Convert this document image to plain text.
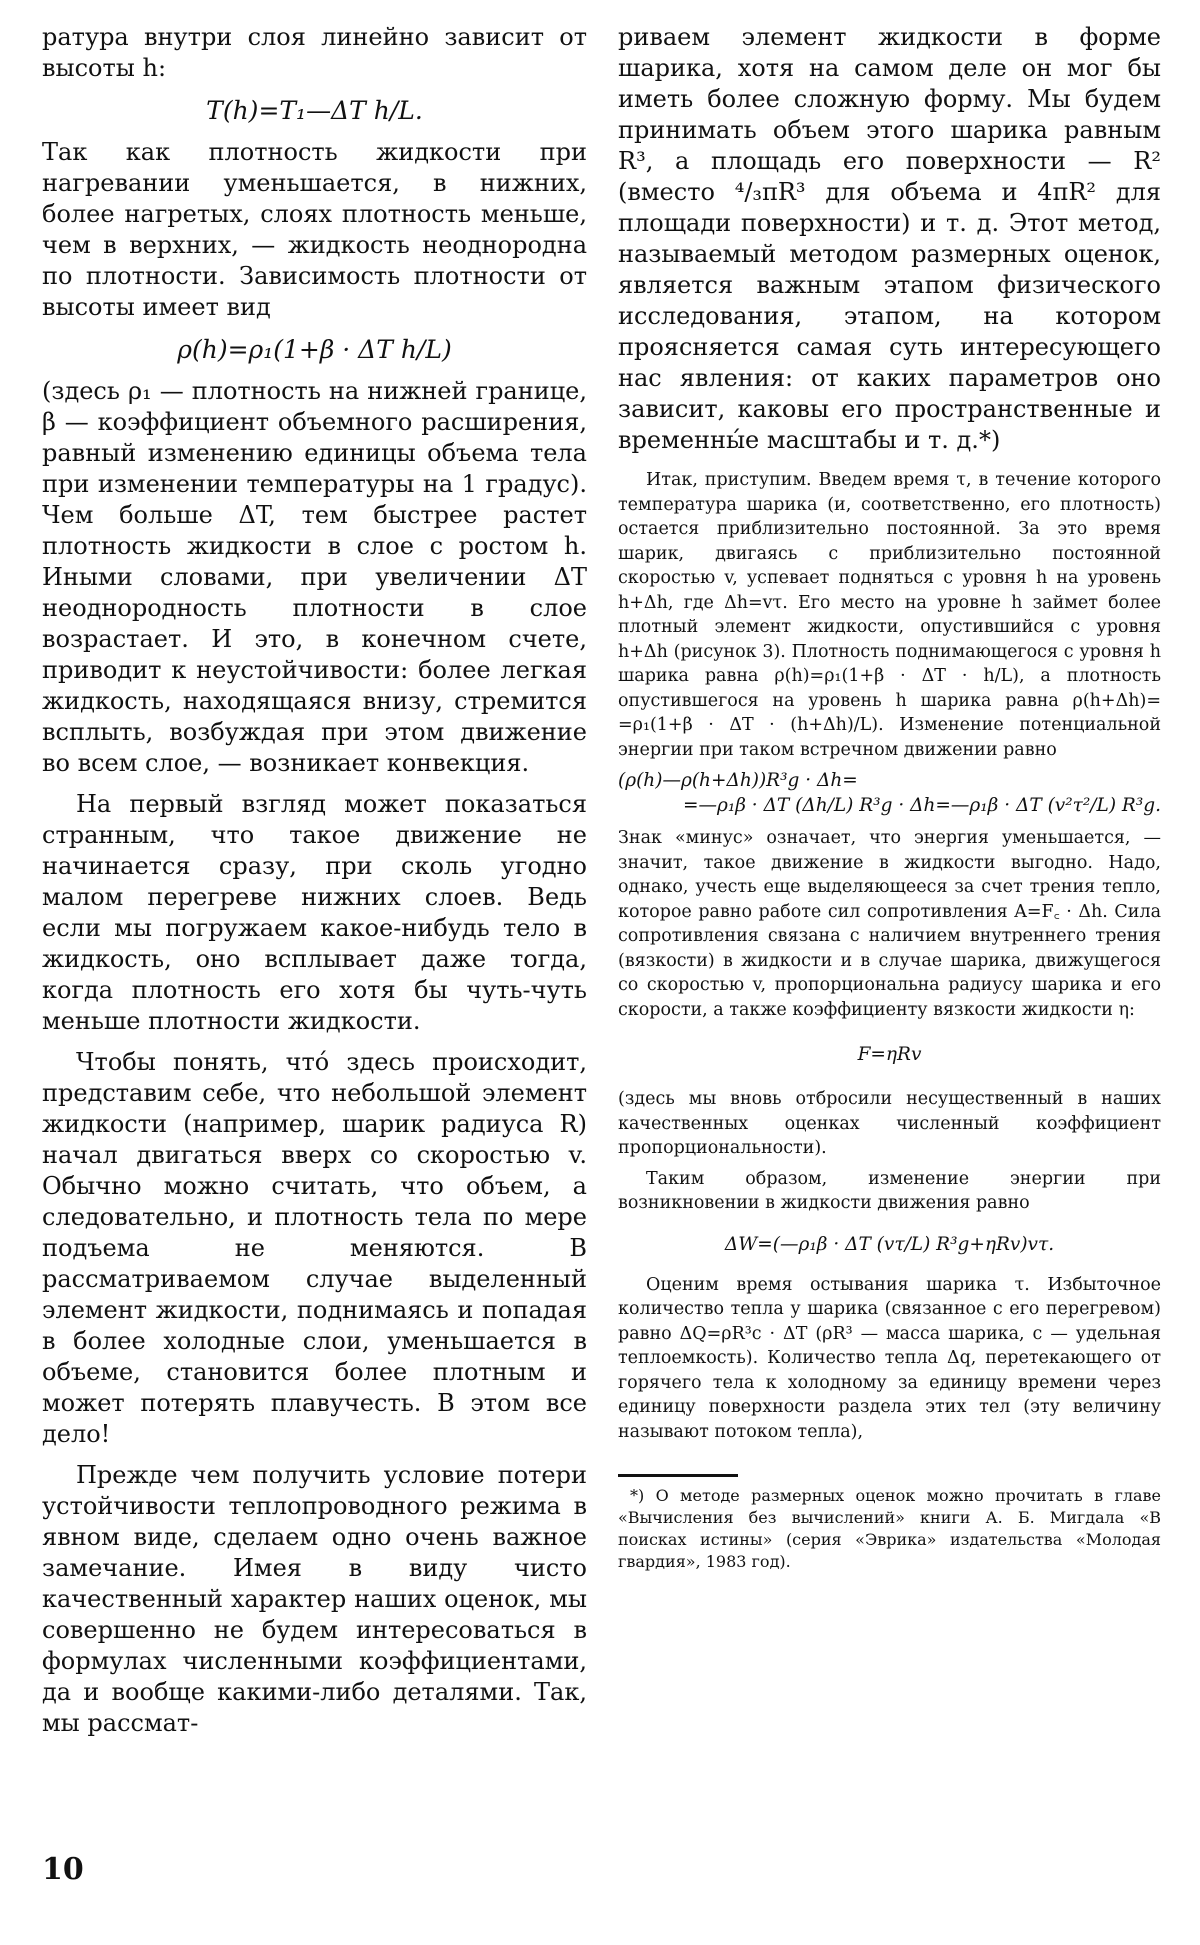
ратура внутри слоя линейно зависит от высоты h:

T(h)=T₁—ΔT h/L.

Так как плотность жидкости при нагревании уменьшается, в нижних, более нагретых, слоях плотность меньше, чем в верхних, — жидкость неоднородна по плотности. Зависимость плотности от высоты имеет вид

ρ(h)=ρ₁(1+β · ΔT h/L)

(здесь ρ₁ — плотность на нижней границе, β — коэффициент объемного расширения, равный изменению единицы объема тела при изменении температуры на 1 градус). Чем больше ΔT, тем быстрее растет плотность жидкости в слое с ростом h. Иными словами, при увеличении ΔT неоднородность плотности в слое возрастает. И это, в конечном счете, приводит к неустойчивости: более легкая жидкость, находящаяся внизу, стремится всплыть, возбуждая при этом движение во всем слое, — возникает конвекция.

На первый взгляд может показаться странным, что такое движение не начинается сразу, при сколь угодно малом перегреве нижних слоев. Ведь если мы погружаем какое-нибудь тело в жидкость, оно всплывает даже тогда, когда плотность его хотя бы чуть-чуть меньше плотности жидкости.

Чтобы понять, что́ здесь происходит, представим себе, что небольшой элемент жидкости (например, шарик радиуса R) начал двигаться вверх со скоростью v. Обычно можно считать, что объем, а следовательно, и плотность тела по мере подъема не меняются. В рассматриваемом случае выделенный элемент жидкости, поднимаясь и попадая в более холодные слои, уменьшается в объеме, становится более плотным и может потерять плавучесть. В этом все дело!

Прежде чем получить условие потери устойчивости теплопроводного режима в явном виде, сделаем одно очень важное замечание. Имея в виду чисто качественный характер наших оценок, мы совершенно не будем интересоваться в формулах численными коэффициентами, да и вообще какими-либо деталями. Так, мы рассмат-

риваем элемент жидкости в форме шарика, хотя на самом деле он мог бы иметь более сложную форму. Мы будем принимать объем этого шарика равным R³, а площадь его поверхности — R² (вместо ⁴/₃πR³ для объема и 4πR² для площади поверхности) и т. д. Этот метод, называемый методом размерных оценок, является важным этапом физического исследования, этапом, на котором проясняется самая суть интересующего нас явления: от каких параметров оно зависит, каковы его пространственные и временны́е масштабы и т. д.*)

Итак, приступим. Введем время τ, в течение которого температура шарика (и, соответственно, его плотность) остается приблизительно постоянной. За это время шарик, двигаясь с приблизительно постоянной скоростью v, успевает подняться с уровня h на уровень h+Δh, где Δh=vτ. Его место на уровне h займет более плотный элемент жидкости, опустившийся с уровня h+Δh (рисунок 3). Плотность поднимающегося с уровня h шарика равна ρ(h)=ρ₁(1+β · ΔT · h/L), а плотность опустившегося на уровень h шарика равна ρ(h+Δh)= =ρ₁(1+β · ΔT · (h+Δh)/L). Изменение потенциальной энергии при таком встречном движении равно

(ρ(h)—ρ(h+Δh))R³g · Δh=
=—ρ₁β · ΔT (Δh/L) R³g · Δh=—ρ₁β · ΔT (v²τ²/L) R³g.

Знак «минус» означает, что энергия уменьшается, — значит, такое движение в жидкости выгодно. Надо, однако, учесть еще выделяющееся за счет трения тепло, которое равно работе сил сопротивления A=F꜀ · Δh. Сила сопротивления связана с наличием внутреннего трения (вязкости) в жидкости и в случае шарика, движущегося со скоростью v, пропорциональна радиусу шарика и его скорости, а также коэффициенту вязкости жидкости η:

F=ηRv

(здесь мы вновь отбросили несущественный в наших качественных оценках численный коэффициент пропорциональности).

Таким образом, изменение энергии при возникновении в жидкости движения равно

ΔW=(—ρ₁β · ΔT (vτ/L) R³g+ηRv)vτ.

Оценим время остывания шарика τ. Избыточное количество тепла у шарика (связанное с его перегревом) равно ΔQ=ρR³c · ΔT (ρR³ — масса шарика, c — удельная теплоемкость). Количество тепла Δq, перетекающего от горячего тела к холодному за единицу времени через единицу поверхности раздела этих тел (эту величину называют потоком тепла),

*) О методе размерных оценок можно прочитать в главе «Вычисления без вычислений» книги А. Б. Мигдала «В поисках истины» (серия «Эврика» издательства «Молодая гвардия», 1983 год).

10
